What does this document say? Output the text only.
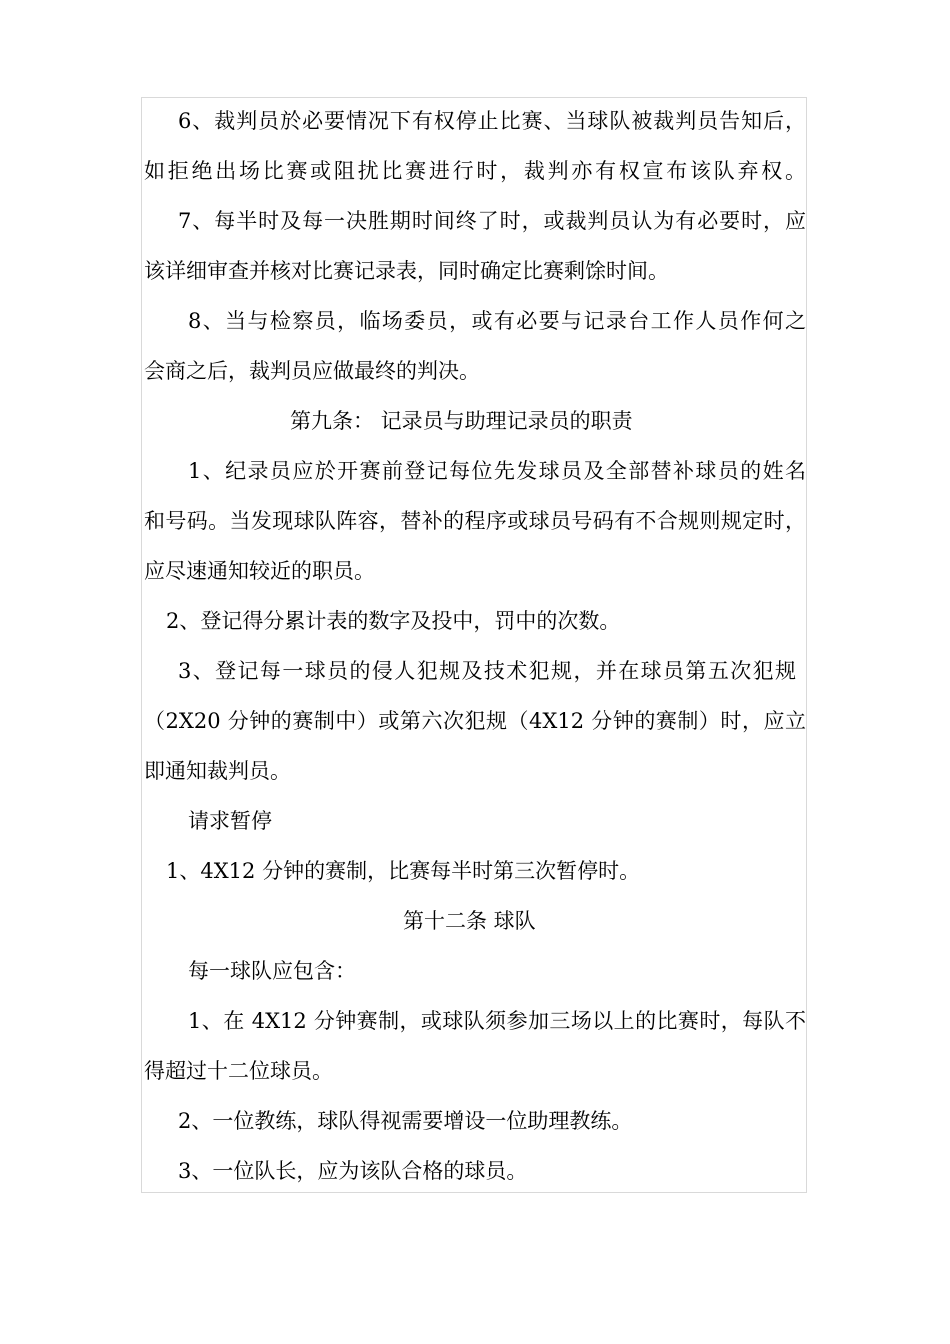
6、裁判员於必要情况下有权停止比赛、当球队被裁判员告知后，
如拒绝出场比赛或阻扰比赛进行时，裁判亦有权宣布该队弃权。
7、每半时及每一决胜期时间终了时，或裁判员认为有必要时，应
该详细审查并核对比赛记录表，同时确定比赛剩馀时间。
8、当与检察员，临场委员，或有必要与记录台工作人员作何之
会商之后，裁判员应做最终的判决。
第九条： 记录员与助理记录员的职责
1、纪录员应於开赛前登记每位先发球员及全部替补球员的姓名
和号码。当发现球队阵容，替补的程序或球员号码有不合规则规定时，
应尽速通知较近的职员。
2、登记得分累计表的数字及投中，罚中的次数。
3、登记每一球员的侵人犯规及技术犯规，并在球员第五次犯规
（2X20 分钟的赛制中）或第六次犯规（4X12 分钟的赛制）时，应立
即通知裁判员。
请求暂停
1、4X12 分钟的赛制，比赛每半时第三次暂停时。
第十二条 球队
每一球队应包含：
1、在 4X12 分钟赛制，或球队须参加三场以上的比赛时，每队不
得超过十二位球员。
2、一位教练，球队得视需要增设一位助理教练。
3、一位队长，应为该队合格的球员。
